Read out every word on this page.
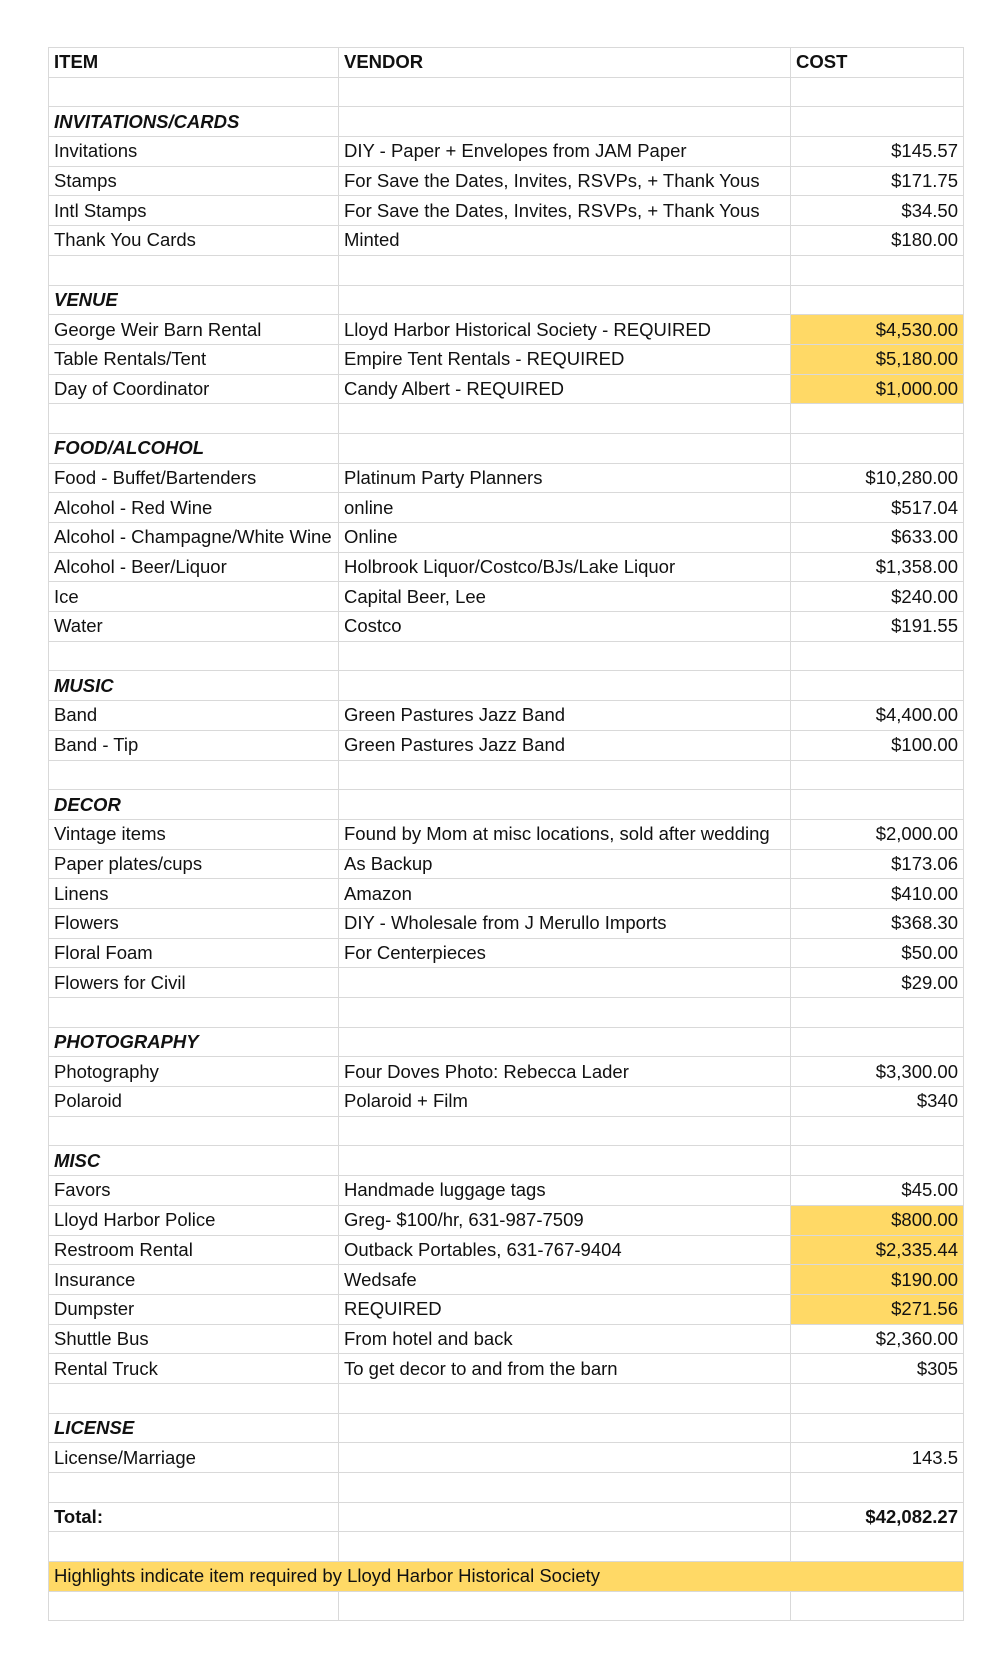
ITEM	VENDOR	COST

INVITATIONS/CARDS		
Invitations	DIY - Paper + Envelopes from JAM Paper	$145.57
Stamps	For Save the Dates, Invites, RSVPs, + Thank Yous	$171.75
Intl Stamps	For Save the Dates, Invites, RSVPs, + Thank Yous	$34.50
Thank You Cards	Minted	$180.00

VENUE		
George Weir Barn Rental	Lloyd Harbor Historical Society - REQUIRED	$4,530.00
Table Rentals/Tent	Empire Tent Rentals - REQUIRED	$5,180.00
Day of Coordinator	Candy Albert - REQUIRED	$1,000.00

FOOD/ALCOHOL		
Food - Buffet/Bartenders	Platinum Party Planners	$10,280.00
Alcohol - Red Wine	online	$517.04
Alcohol - Champagne/White Wine	Online	$633.00
Alcohol - Beer/Liquor	Holbrook Liquor/Costco/BJs/Lake Liquor	$1,358.00
Ice	Capital Beer, Lee	$240.00
Water	Costco	$191.55

MUSIC		
Band	Green Pastures Jazz Band	$4,400.00
Band - Tip	Green Pastures Jazz Band	$100.00

DECOR		
Vintage items	Found by Mom at misc locations, sold after wedding	$2,000.00
Paper plates/cups	As Backup	$173.06
Linens	Amazon	$410.00
Flowers	DIY - Wholesale from J Merullo Imports	$368.30
Floral Foam	For Centerpieces	$50.00
Flowers for Civil		$29.00

PHOTOGRAPHY		
Photography	Four Doves Photo: Rebecca Lader	$3,300.00
Polaroid	Polaroid + Film	$340

MISC		
Favors	Handmade luggage tags	$45.00
Lloyd Harbor Police	Greg- $100/hr, 631-987-7509	$800.00
Restroom Rental	Outback Portables, 631-767-9404	$2,335.44
Insurance	Wedsafe	$190.00
Dumpster	REQUIRED	$271.56
Shuttle Bus	From hotel and back	$2,360.00
Rental Truck	To get decor to and from the barn	$305

LICENSE		
License/Marriage		143.5

Total:		$42,082.27

Highlights indicate item required by Lloyd Harbor Historical Society		
